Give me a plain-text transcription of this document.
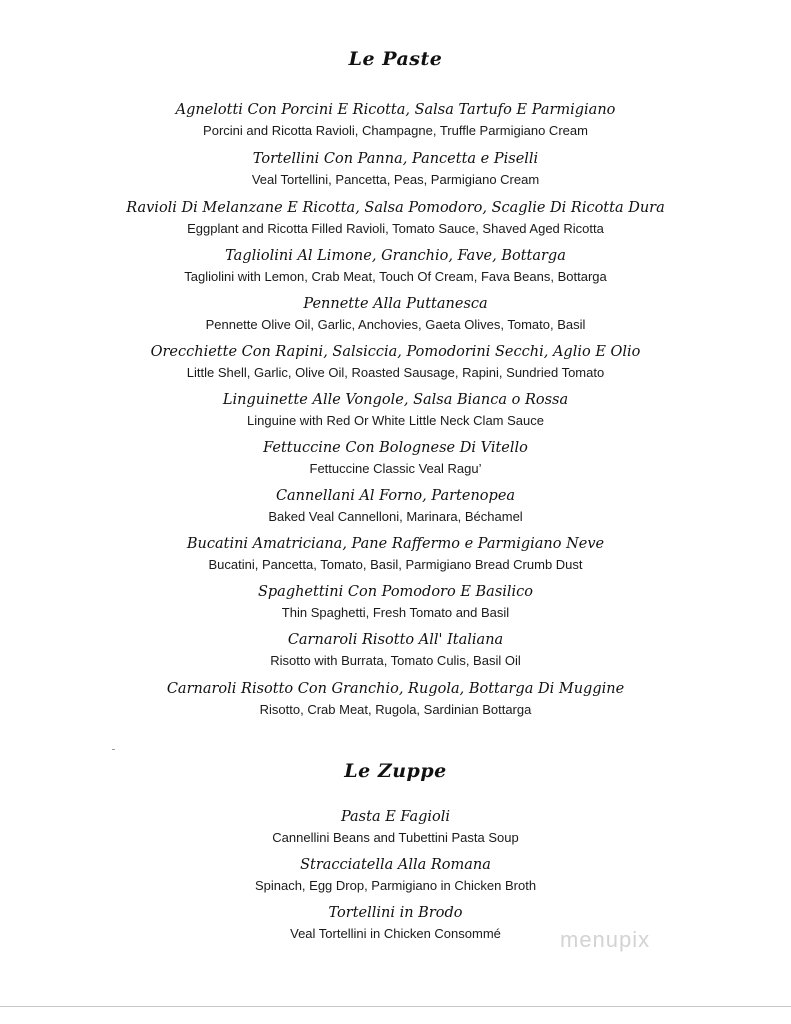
Le Paste
Agnelotti Con Porcini E Ricotta, Salsa Tartufo E Parmigiano
Porcini and Ricotta Ravioli, Champagne, Truffle Parmigiano Cream
Tortellini Con Panna, Pancetta e Piselli
Veal Tortellini, Pancetta, Peas, Parmigiano Cream
Ravioli Di Melanzane E Ricotta, Salsa Pomodoro, Scaglie Di Ricotta Dura
Eggplant and Ricotta Filled Ravioli, Tomato Sauce, Shaved Aged Ricotta
Tagliolini Al Limone, Granchio, Fave, Bottarga
Tagliolini with Lemon, Crab Meat, Touch Of Cream, Fava Beans, Bottarga
Pennette Alla Puttanesca
Pennette Olive Oil, Garlic, Anchovies, Gaeta Olives, Tomato, Basil
Orecchiette Con Rapini, Salsiccia, Pomodorini Secchi, Aglio E Olio
Little Shell, Garlic, Olive Oil, Roasted Sausage, Rapini, Sundried Tomato
Linguinette Alle Vongole, Salsa Bianca o Rossa
Linguine with Red Or White Little Neck Clam Sauce
Fettuccine Con Bolognese Di Vitello
Fettuccine Classic Veal Ragu’
Cannellani Al Forno, Partenopea
Baked Veal Cannelloni, Marinara, Béchamel
Bucatini Amatriciana, Pane Raffermo e Parmigiano Neve
Bucatini, Pancetta, Tomato, Basil, Parmigiano Bread Crumb Dust
Spaghettini Con Pomodoro E Basilico
Thin Spaghetti, Fresh Tomato and Basil
Carnaroli Risotto All' Italiana
Risotto with Burrata, Tomato Culis, Basil Oil
Carnaroli Risotto Con Granchio, Rugola, Bottarga Di Muggine
Risotto, Crab Meat, Rugola, Sardinian Bottarga
Le Zuppe
Pasta E Fagioli
Cannellini Beans and Tubettini Pasta Soup
Stracciatella Alla Romana
Spinach, Egg Drop, Parmigiano in Chicken Broth
Tortellini in Brodo
Veal Tortellini in Chicken Consommé	menupix
